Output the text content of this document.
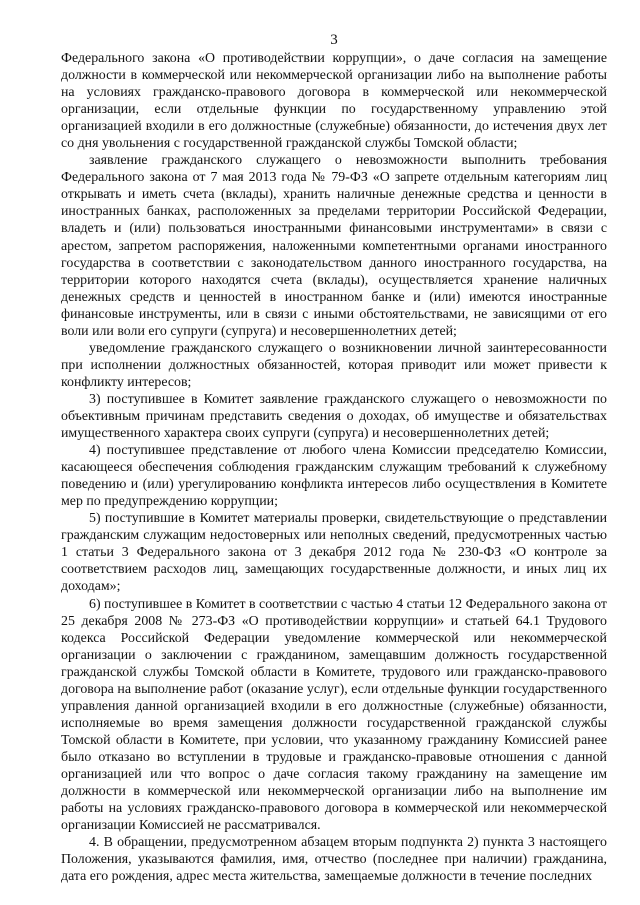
3

Федерального закона «О противодействии коррупции», о даче согласия на замещение должности в коммерческой или некоммерческой организации либо на выполнение работы на условиях гражданско-правового договора в коммерческой или некоммерческой организации, если отдельные функции по государственному управлению этой организацией входили в его должностные (служебные) обязанности, до истечения двух лет со дня увольнения с государственной гражданской службы Томской области;

заявление гражданского служащего о невозможности выполнить требования Федерального закона от 7 мая 2013 года № 79-ФЗ «О запрете отдельным категориям лиц открывать и иметь счета (вклады), хранить наличные денежные средства и ценности в иностранных банках, расположенных за пределами территории Российской Федерации, владеть и (или) пользоваться иностранными финансовыми инструментами» в связи с арестом, запретом распоряжения, наложенными компетентными органами иностранного государства в соответствии с законодательством данного иностранного государства, на территории которого находятся счета (вклады), осуществляется хранение наличных денежных средств и ценностей в иностранном банке и (или) имеются иностранные финансовые инструменты, или в связи с иными обстоятельствами, не зависящими от его воли или воли его супруги (супруга) и несовершеннолетних детей;

уведомление гражданского служащего о возникновении личной заинтересованности при исполнении должностных обязанностей, которая приводит или может привести к конфликту интересов;

3) поступившее в Комитет заявление гражданского служащего о невозможности по объективным причинам представить сведения о доходах, об имуществе и обязательствах имущественного характера своих супруги (супруга) и несовершеннолетних детей;

4) поступившее представление от любого члена Комиссии председателю Комиссии, касающееся обеспечения соблюдения гражданским служащим требований к служебному поведению и (или) урегулированию конфликта интересов либо осуществления в Комитете мер по предупреждению коррупции;

5) поступившие в Комитет материалы проверки, свидетельствующие о представлении гражданским служащим недостоверных или неполных сведений, предусмотренных частью 1 статьи 3 Федерального закона от 3 декабря 2012 года № 230-ФЗ «О контроле за соответствием расходов лиц, замещающих государственные должности, и иных лиц их доходам»;

6) поступившее в Комитет в соответствии с частью 4 статьи 12 Федерального закона от 25 декабря 2008 № 273-ФЗ «О противодействии коррупции» и статьей 64.1 Трудового кодекса Российской Федерации уведомление коммерческой или некоммерческой организации о заключении с гражданином, замещавшим должность государственной гражданской службы Томской области в Комитете, трудового или гражданско-правового договора на выполнение работ (оказание услуг), если отдельные функции государственного управления данной организацией входили в его должностные (служебные) обязанности, исполняемые во время замещения должности государственной гражданской службы Томской области в Комитете, при условии, что указанному гражданину Комиссией ранее было отказано во вступлении в трудовые и гражданско-правовые отношения с данной организацией или что вопрос о даче согласия такому гражданину на замещение им должности в коммерческой или некоммерческой организации либо на выполнение им работы на условиях гражданско-правового договора в коммерческой или некоммерческой организации Комиссией не рассматривался.

4. В обращении, предусмотренном абзацем вторым подпункта 2) пункта 3 настоящего Положения, указываются фамилия, имя, отчество (последнее при наличии) гражданина, дата его рождения, адрес места жительства, замещаемые должности в течение последних
